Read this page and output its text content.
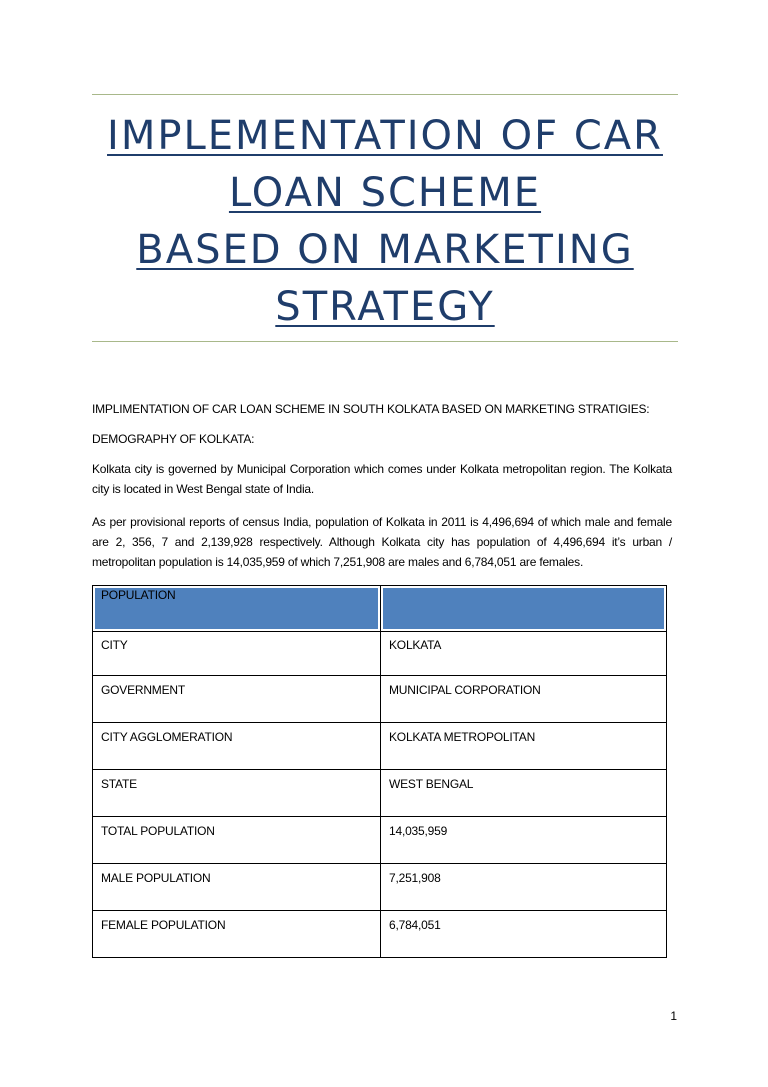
IMPLEMENTATION OF CAR
LOAN SCHEME
BASED ON MARKETING
STRATEGY

IMPLIMENTATION OF CAR LOAN SCHEME IN SOUTH KOLKATA BASED ON MARKETING STRATIGIES:

DEMOGRAPHY OF KOLKATA:

Kolkata city is governed by Municipal Corporation which comes under Kolkata metropolitan region. The Kolkata city is located in West Bengal state of India.

As per provisional reports of census India, population of Kolkata in 2011 is 4,496,694 of which male and female are 2, 356, 7 and 2,139,928 respectively. Although Kolkata city has population of 4,496,694 it’s urban / metropolitan population is 14,035,959 of which 7,251,908 are males and 6,784,051 are females.

POPULATION	
CITY	KOLKATA
GOVERNMENT	MUNICIPAL CORPORATION
CITY AGGLOMERATION	KOLKATA METROPOLITAN
STATE	WEST BENGAL
TOTAL POPULATION	14,035,959
MALE POPULATION	7,251,908
FEMALE POPULATION	6,784,051

1
